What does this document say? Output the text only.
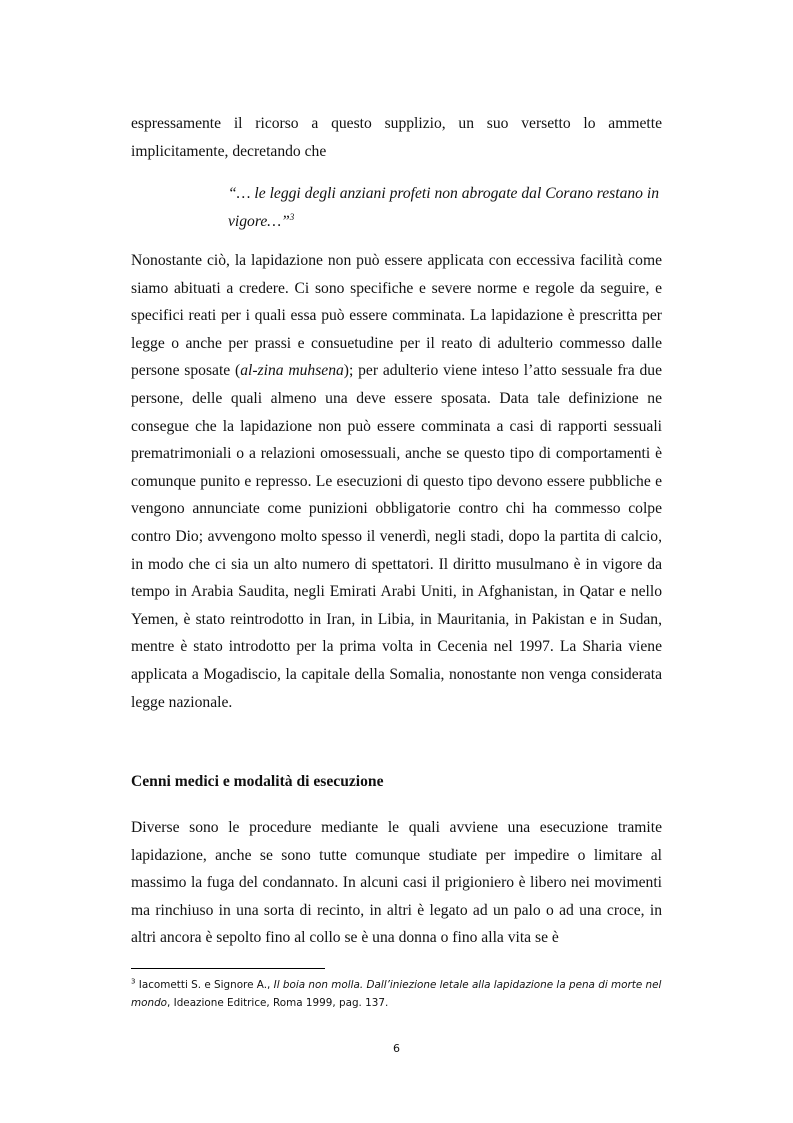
espressamente il ricorso a questo supplizio, un suo versetto lo ammette implicitamente, decretando che

“… le leggi degli anziani profeti non abrogate dal Corano restano in vigore…”$^3$

Nonostante ciò, la lapidazione non può essere applicata con eccessiva facilità come siamo abituati a credere. Ci sono specifiche e severe norme e regole da seguire, e specifici reati per i quali essa può essere comminata. La lapidazione è prescritta per legge o anche per prassi e consuetudine per il reato di adulterio commesso dalle persone sposate (al-zina muhsena); per adulterio viene inteso l’atto sessuale fra due persone, delle quali almeno una deve essere sposata. Data tale definizione ne consegue che la lapidazione non può essere comminata a casi di rapporti sessuali prematrimoniali o a relazioni omosessuali, anche se questo tipo di comportamenti è comunque punito e represso. Le esecuzioni di questo tipo devono essere pubbliche e vengono annunciate come punizioni obbligatorie contro chi ha commesso colpe contro Dio; avvengono molto spesso il venerdì, negli stadi, dopo la partita di calcio, in modo che ci sia un alto numero di spettatori. Il diritto musulmano è in vigore da tempo in Arabia Saudita, negli Emirati Arabi Uniti, in Afghanistan, in Qatar e nello Yemen, è stato reintrodotto in Iran, in Libia, in Mauritania, in Pakistan e in Sudan, mentre è stato introdotto per la prima volta in Cecenia nel 1997. La Sharia viene applicata a Mogadiscio, la capitale della Somalia, nonostante non venga considerata legge nazionale.

Cenni medici e modalità di esecuzione

Diverse sono le procedure mediante le quali avviene una esecuzione tramite lapidazione, anche se sono tutte comunque studiate per impedire o limitare al massimo la fuga del condannato. In alcuni casi il prigioniero è libero nei movimenti ma rinchiuso in una sorta di recinto, in altri è legato ad un palo o ad una croce, in altri ancora è sepolto fino al collo se è una donna o fino alla vita se è

$^3$ Iacometti S. e Signore A., Il boia non molla. Dall’iniezione letale alla lapidazione la pena di morte nel mondo, Ideazione Editrice, Roma 1999, pag. 137.

6
